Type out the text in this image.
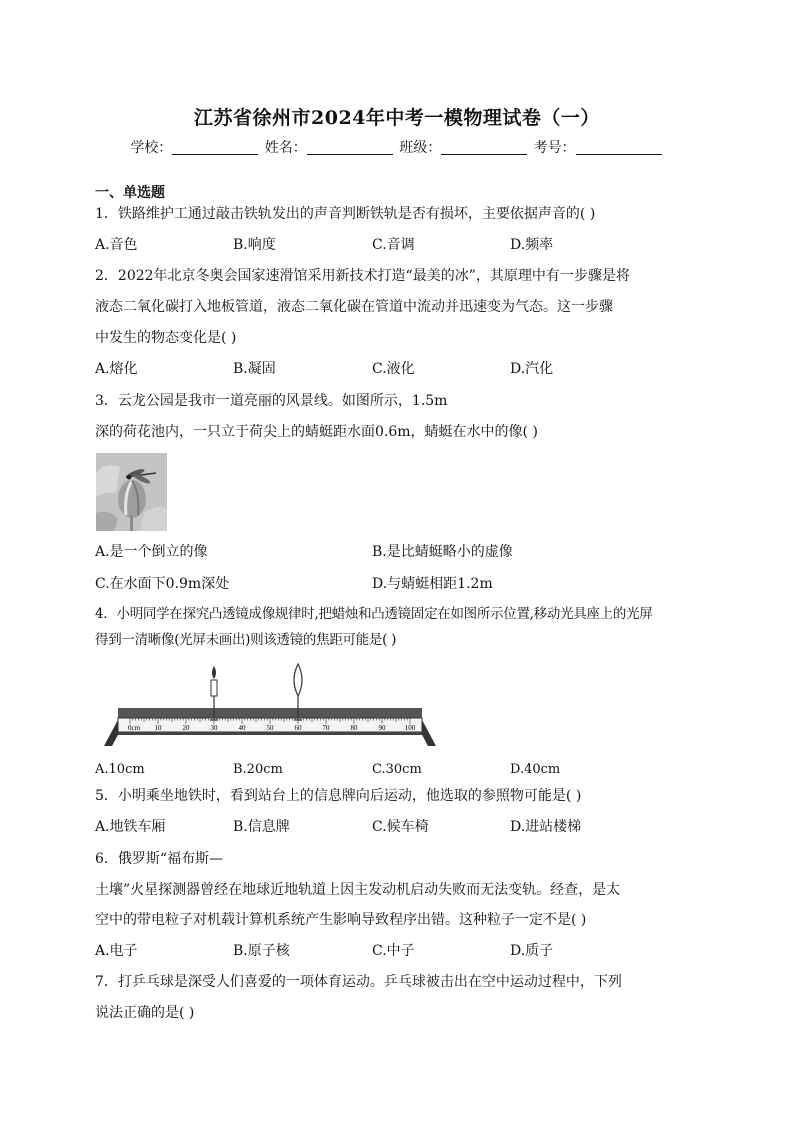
江苏省徐州市2024年中考一模物理试卷（一）
学校：	姓名：	班级：	考号：
一、单选题
1．铁路维护工通过敲击铁轨发出的声音判断铁轨是否有损坏，主要依据声音的( )
A.音色	B.响度	C.音调	D.频率
2．2022年北京冬奥会国家速滑馆采用新技术打造“最美的冰”，其原理中有一步骤是将
液态二氧化碳打入地板管道，液态二氧化碳在管道中流动并迅速变为气态。这一步骤
中发生的物态变化是( )
A.熔化	B.凝固	C.液化	D.汽化
3．云龙公园是我市一道亮丽的风景线。如图所示，1.5m
深的荷花池内，一只立于荷尖上的蜻蜓距水面0.6m，蜻蜓在水中的像( )
A.是一个倒立的像	B.是比蜻蜓略小的虚像
C.在水面下0.9m深处	D.与蜻蜓相距1.2m
4．小明同学在探究凸透镜成像规律时,把蜡烛和凸透镜固定在如图所示位置,移动光具座上的光屏
得到一清晰像(光屏未画出)则该透镜的焦距可能是( )
0cm 10	20	30	40	50	60	70	80	90	100
A.10cm	B.20cm	C.30cm	D.40cm
5．小明乘坐地铁时，看到站台上的信息牌向后运动，他选取的参照物可能是( )
A.地铁车厢	B.信息牌	C.候车椅	D.进站楼梯
6．俄罗斯“福布斯—
土壤”火星探测器曾经在地球近地轨道上因主发动机启动失败而无法变轨。经查，是太
空中的带电粒子对机载计算机系统产生影响导致程序出错。这种粒子一定不是( )
A.电子	B.原子核	C.中子	D.质子
7．打乒乓球是深受人们喜爱的一项体育运动。乒乓球被击出在空中运动过程中，下列
说法正确的是( )
